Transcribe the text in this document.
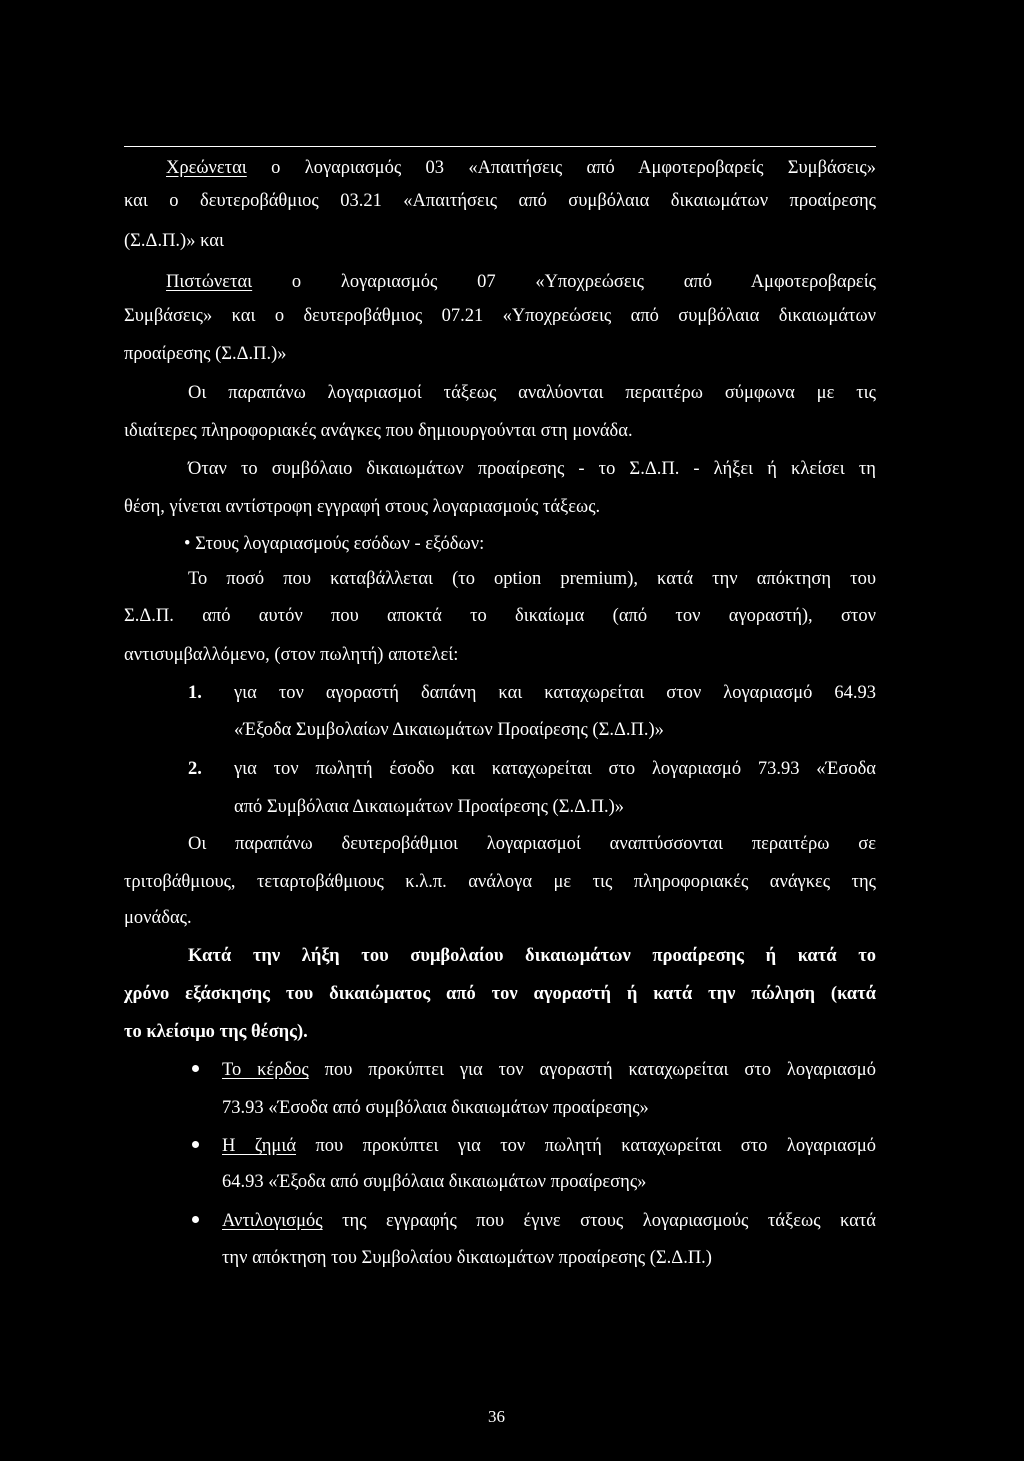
Χρεώνεται ο λογαριασμός 03 «Απαιτήσεις από Αμφοτεροβαρείς Συμβάσεις»
και ο δευτεροβάθμιος 03.21 «Απαιτήσεις από συμβόλαια δικαιωμάτων προαίρεσης
(Σ.Δ.Π.)» και
Πιστώνεται ο λογαριασμός 07 «Υποχρεώσεις από Αμφοτεροβαρείς
Συμβάσεις» και ο δευτεροβάθμιος 07.21 «Υποχρεώσεις από συμβόλαια δικαιωμάτων
προαίρεσης (Σ.Δ.Π.)»
Οι παραπάνω λογαριασμοί τάξεως αναλύονται περαιτέρω σύμφωνα με τις
ιδιαίτερες πληροφοριακές ανάγκες που δημιουργούνται στη μονάδα.
Όταν το συμβόλαιο δικαιωμάτων προαίρεσης - το Σ.Δ.Π. - λήξει ή κλείσει τη
θέση, γίνεται αντίστροφη εγγραφή στους λογαριασμούς τάξεως.
• Στους λογαριασμούς εσόδων - εξόδων:
Το ποσό που καταβάλλεται (το option premium), κατά την απόκτηση του
Σ.Δ.Π. από αυτόν που αποκτά το δικαίωμα (από τον αγοραστή), στον
αντισυμβαλλόμενο, (στον πωλητή) αποτελεί:
1. για τον αγοραστή δαπάνη και καταχωρείται στον λογαριασμό 64.93
«Έξοδα Συμβολαίων Δικαιωμάτων Προαίρεσης (Σ.Δ.Π.)»
2. για τον πωλητή έσοδο και καταχωρείται στο λογαριασμό 73.93 «Έσοδα
από Συμβόλαια Δικαιωμάτων Προαίρεσης (Σ.Δ.Π.)»
Οι παραπάνω δευτεροβάθμιοι λογαριασμοί αναπτύσσονται περαιτέρω σε
τριτοβάθμιους, τεταρτοβάθμιους κ.λ.π. ανάλογα με τις πληροφοριακές ανάγκες της
μονάδας.
Κατά την λήξη του συμβολαίου δικαιωμάτων προαίρεσης ή κατά το
χρόνο εξάσκησης του δικαιώματος από τον αγοραστή ή κατά την πώληση (κατά
το κλείσιμο της θέσης).
Το κέρδος που προκύπτει για τον αγοραστή καταχωρείται στο λογαριασμό
73.93 «Έσοδα από συμβόλαια δικαιωμάτων προαίρεσης»
Η ζημιά που προκύπτει για τον πωλητή καταχωρείται στο λογαριασμό
64.93 «Έξοδα από συμβόλαια δικαιωμάτων προαίρεσης»
Αντιλογισμός της εγγραφής που έγινε στους λογαριασμούς τάξεως κατά
την απόκτηση του Συμβολαίου δικαιωμάτων προαίρεσης (Σ.Δ.Π.)
36
